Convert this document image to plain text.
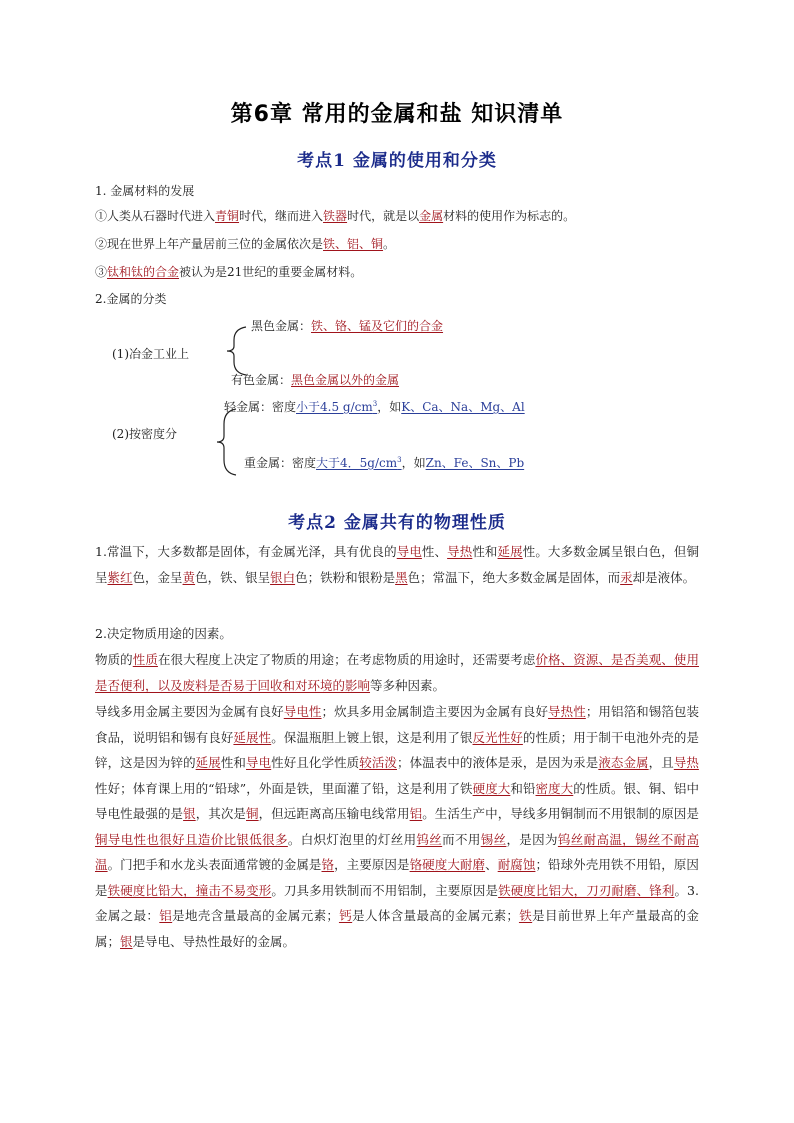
第6章 常用的金属和盐 知识清单
考点1 金属的使用和分类
1. 金属材料的发展
①人类从石器时代进入青铜时代，继而进入铁器时代，就是以金属材料的使用作为标志的。
②现在世界上年产量居前三位的金属依次是铁、铝、铜。
③钛和钛的合金被认为是21世纪的重要金属材料。
2.金属的分类
(1)冶金工业上
黑色金属：铁、铬、锰及它们的合金
有色金属：黑色金属以外的金属
(2)按密度分
轻金属：密度小于4.5 $g/cm^3$，如K、Ca、Na、Mg、Al
重金属：密度大于4．$5g/cm^3$，如Zn、Fe、Sn、Pb
考点2 金属共有的物理性质
1.常温下，大多数都是固体，有金属光泽，具有优良的导电性、导热性和延展性。大多数金属呈银白色，但铜呈紫红色，金呈黄色，铁、银呈银白色；铁粉和银粉是黑色；常温下，绝大多数金属是固体，而汞却是液体。
2.决定物质用途的因素。
物质的性质在很大程度上决定了物质的用途；在考虑物质的用途时，还需要考虑价格、资源、是否美观、使用是否便利，以及废料是否易于回收和对环境的影响等多种因素。
导线多用金属主要因为金属有良好导电性；炊具多用金属制造主要因为金属有良好导热性；用铝箔和锡箔包装食品，说明铝和锡有良好延展性。保温瓶胆上镀上银，这是利用了银反光性好的性质；用于制干电池外壳的是锌，这是因为锌的延展性和导电性好且化学性质较活泼；体温表中的液体是汞，是因为汞是液态金属，且导热性好；体育课上用的“铅球”，外面是铁，里面灌了铅，这是利用了铁硬度大和铅密度大的性质。银、铜、铝中导电性最强的是银，其次是铜，但远距离高压输电线常用铝。生活生产中，导线多用铜制而不用银制的原因是铜导电性也很好且造价比银低很多。白炽灯泡里的灯丝用钨丝而不用锡丝，是因为钨丝耐高温，锡丝不耐高温。门把手和水龙头表面通常镀的金属是铬，主要原因是铬硬度大耐磨、耐腐蚀；铅球外壳用铁不用铅，原因是铁硬度比铅大，撞击不易变形。刀具多用铁制而不用铝制，主要原因是铁硬度比铝大，刀刃耐磨、锋利。3.金属之最：铝是地壳含量最高的金属元素；钙是人体含量最高的金属元素；铁是目前世界上年产量最高的金属；银是导电、导热性最好的金属。
